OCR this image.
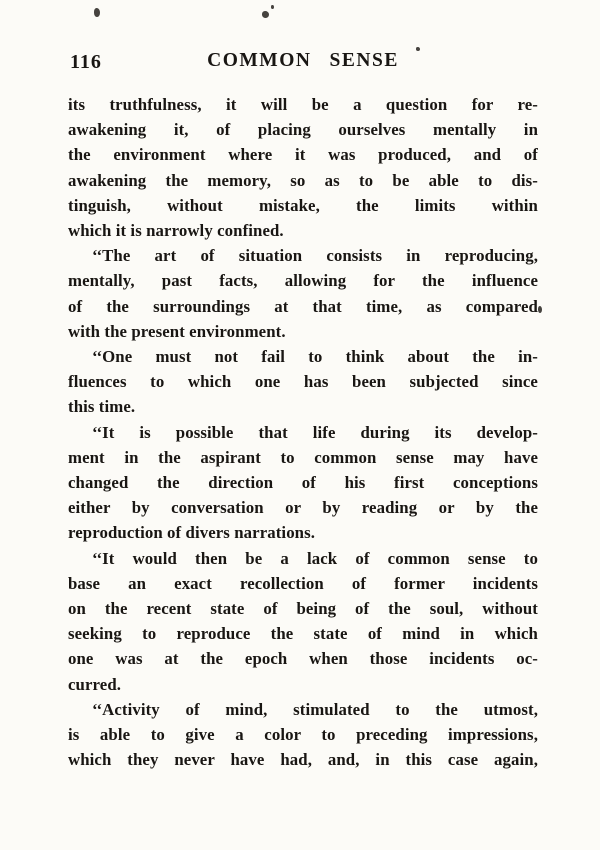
116	COMMON SENSE
its truthfulness, it will be a question for re-
awakening it, of placing ourselves mentally in
the environment where it was produced, and of
awakening the memory, so as to be able to dis-
tinguish, without mistake, the limits within
which it is narrowly confined.
‘‘The art of situation consists in reproducing,
mentally, past facts, allowing for the influence
of the surroundings at that time, as compared
with the present environment.
‘‘One must not fail to think about the in-
fluences to which one has been subjected since
this time.
‘‘It is possible that life during its develop-
ment in the aspirant to common sense may have
changed the direction of his first conceptions
either by conversation or by reading or by the
reproduction of divers narrations.
‘‘It would then be a lack of common sense to
base an exact recollection of former incidents
on the recent state of being of the soul, without
seeking to reproduce the state of mind in which
one was at the epoch when those incidents oc-
curred.
‘‘Activity of mind, stimulated to the utmost,
is able to give a color to preceding impressions,
which they never have had, and, in this case again,
